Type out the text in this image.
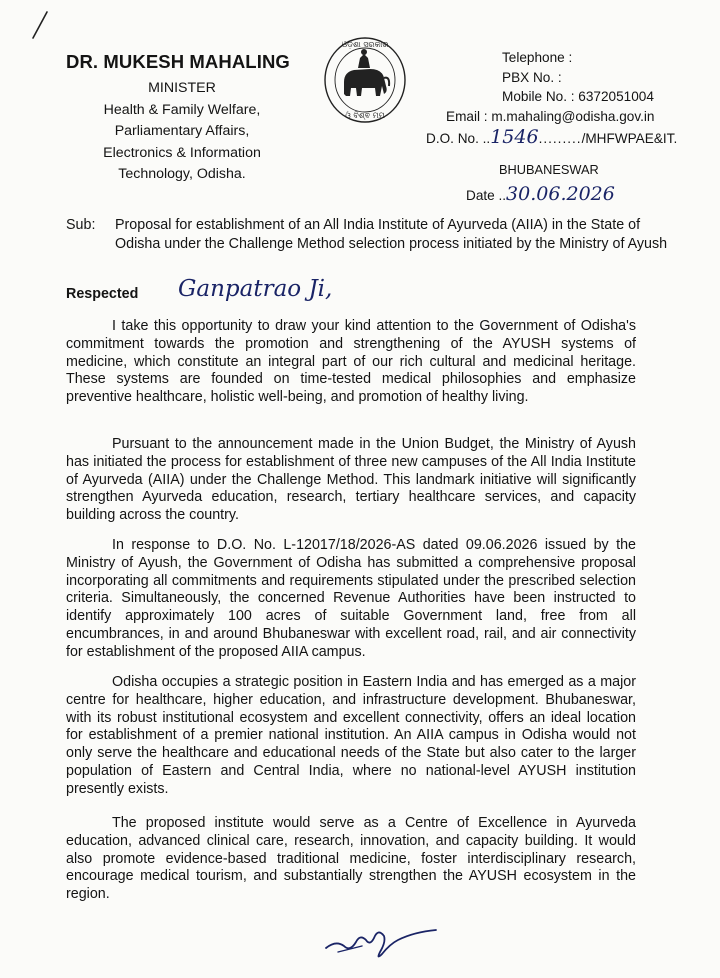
DR. MUKESH MAHALING
MINISTER
Health & Family Welfare,
Parliamentary Affairs,
Electronics & Information
Technology, Odisha.
ଓଡ଼ିଶା ସରକାର
ଓଁ ବିଶ୍ଵ ମମ
Telephone :
PBX No. :
Mobile No. : 6372051004
Email : m.mahaling@odisha.gov.in
D.O. No. ..1546........./MHFWPAE&IT.
BHUBANESWAR
Date ..30.06.2026
Sub: Proposal for establishment of an All India Institute of Ayurveda (AIIA) in the State of Odisha under the Challenge Method selection process initiated by the Ministry of Ayush
Respected Ganpatrao Ji,
I take this opportunity to draw your kind attention to the Government of Odisha's commitment towards the promotion and strengthening of the AYUSH systems of medicine, which constitute an integral part of our rich cultural and medicinal heritage. These systems are founded on time-tested medical philosophies and emphasize preventive healthcare, holistic well-being, and promotion of healthy living.
Pursuant to the announcement made in the Union Budget, the Ministry of Ayush has initiated the process for establishment of three new campuses of the All India Institute of Ayurveda (AIIA) under the Challenge Method. This landmark initiative will significantly strengthen Ayurveda education, research, tertiary healthcare services, and capacity building across the country.
In response to D.O. No. L-12017/18/2026-AS dated 09.06.2026 issued by the Ministry of Ayush, the Government of Odisha has submitted a comprehensive proposal incorporating all commitments and requirements stipulated under the prescribed selection criteria. Simultaneously, the concerned Revenue Authorities have been instructed to identify approximately 100 acres of suitable Government land, free from all encumbrances, in and around Bhubaneswar with excellent road, rail, and air connectivity for establishment of the proposed AIIA campus.
Odisha occupies a strategic position in Eastern India and has emerged as a major centre for healthcare, higher education, and infrastructure development. Bhubaneswar, with its robust institutional ecosystem and excellent connectivity, offers an ideal location for establishment of a premier national institution. An AIIA campus in Odisha would not only serve the healthcare and educational needs of the State but also cater to the larger population of Eastern and Central India, where no national-level AYUSH institution presently exists.
The proposed institute would serve as a Centre of Excellence in Ayurveda education, advanced clinical care, research, innovation, and capacity building. It would also promote evidence-based traditional medicine, foster interdisciplinary research, encourage medical tourism, and substantially strengthen the AYUSH ecosystem in the region.
